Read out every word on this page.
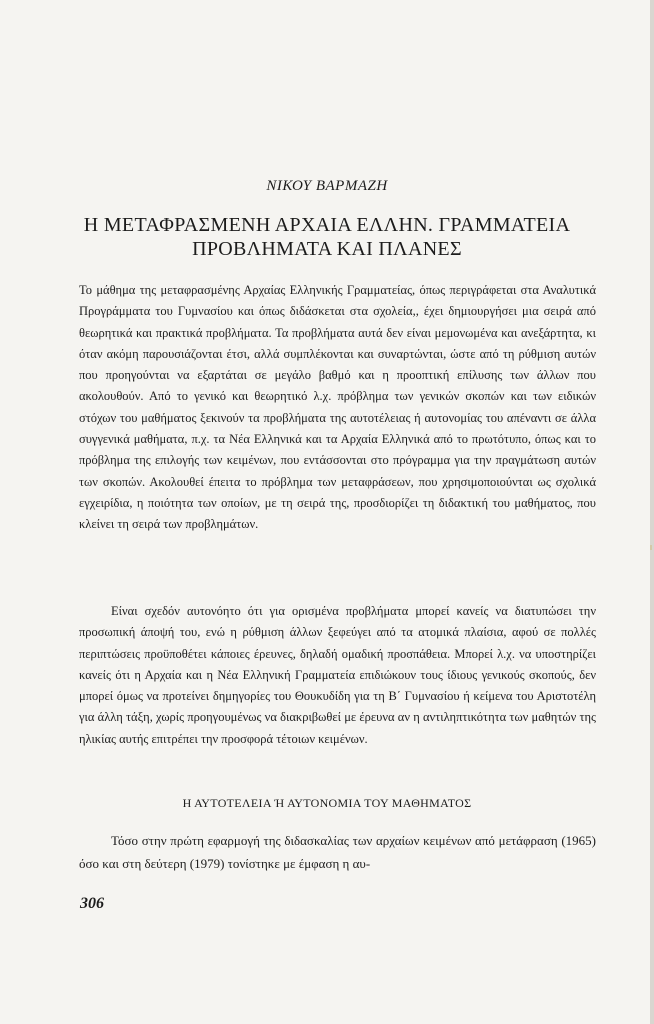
ΝΙΚΟΥ ΒΑΡΜΑΖΗ
Η ΜΕΤΑΦΡΑΣΜΕΝΗ ΑΡΧΑΙΑ ΕΛΛΗΝ. ΓΡΑΜΜΑΤΕΙΑ
ΠΡΟΒΛΗΜΑΤΑ ΚΑΙ ΠΛΑΝΕΣ

Το μάθημα της μεταφρασμένης Αρχαίας Ελληνικής Γραμματείας, όπως περιγράφεται στα Αναλυτικά Προγράμματα του Γυμνασίου και όπως διδάσκεται στα σχολεία,, έχει δημιουργήσει μια σειρά από θεωρητικά και πρακτικά προβλήματα. Τα προβλήματα αυτά δεν είναι μεμονωμένα και ανεξάρτητα, κι όταν ακόμη παρουσιάζονται έτσι, αλλά συμπλέκονται και συναρτώνται, ώστε από τη ρύθμιση αυτών που προηγούνται να εξαρτάται σε μεγάλο βαθμό και η προοπτική επίλυσης των άλλων που ακολουθούν. Από το γενικό και θεωρητικό λ.χ. πρόβλημα των γενικών σκοπών και των ειδικών στόχων του μαθήματος ξεκινούν τα προβλήματα της αυτοτέλειας ή αυτονομίας του απέναντι σε άλλα συγγενικά μαθήματα, π.χ. τα Νέα Ελληνικά και τα Αρχαία Ελληνικά από το πρωτότυπο, όπως και το πρόβλημα της επιλογής των κειμένων, που εντάσσονται στο πρόγραμμα για την πραγμάτωση αυτών των σκοπών. Ακολουθεί έπειτα το πρόβλημα των μεταφράσεων, που χρησιμοποιούνται ως σχολικά εγχειρίδια, η ποιότητα των οποίων, με τη σειρά της, προσδιορίζει τη διδακτική του μαθήματος, που κλείνει τη σειρά των προβλημάτων.

Είναι σχεδόν αυτονόητο ότι για ορισμένα προβλήματα μπορεί κανείς να διατυπώσει την προσωπική άποψή του, ενώ η ρύθμιση άλλων ξεφεύγει από τα ατομικά πλαίσια, αφού σε πολλές περιπτώσεις προϋποθέτει κάποιες έρευνες, δηλαδή ομαδική προσπάθεια. Μπορεί λ.χ. να υποστηρίζει κανείς ότι η Αρχαία και η Νέα Ελληνική Γραμματεία επιδιώκουν τους ίδιους γενικούς σκοπούς, δεν μπορεί όμως να προτείνει δημηγορίες του Θουκυδίδη για τη Β΄ Γυμνασίου ή κείμενα του Αριστοτέλη για άλλη τάξη, χωρίς προηγουμένως να διακριβωθεί με έρευνα αν η αντιληπτικότητα των μαθητών της ηλικίας αυτής επιτρέπει την προσφορά τέτοιων κειμένων.

Η ΑΥΤΟΤΕΛΕΙΑ Ή ΑΥΤΟΝΟΜΙΑ ΤΟΥ ΜΑΘΗΜΑΤΟΣ

Τόσο στην πρώτη εφαρμογή της διδασκαλίας των αρχαίων κειμένων από μετάφραση (1965) όσο και στη δεύτερη (1979) τονίστηκε με έμφαση η αυ-

306
